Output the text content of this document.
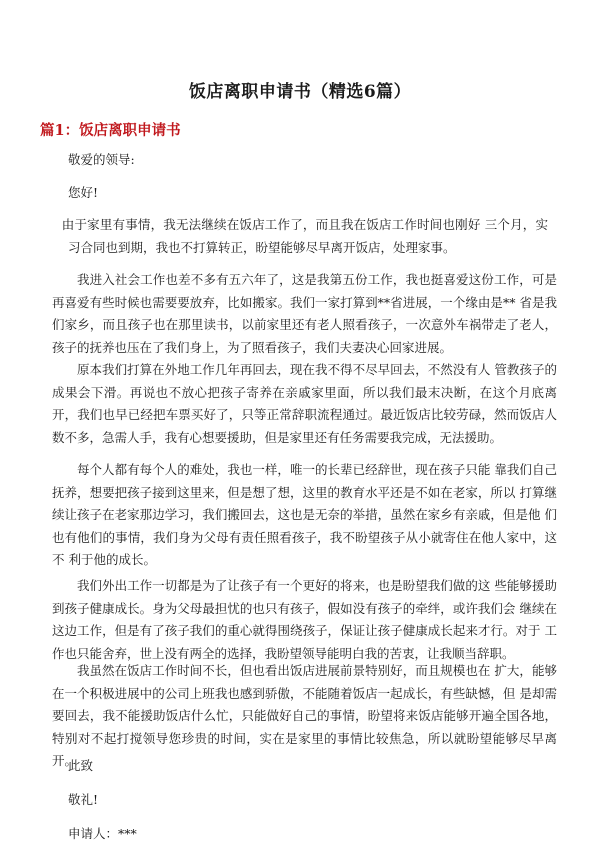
饭店离职申请书（精选6篇）
篇1：饭店离职申请书
敬爱的领导:
您好!
由于家里有事情，我无法继续在饭店工作了，而且我在饭店工作时间也刚好 三个月，实习合同也到期，我也不打算转正，盼望能够尽早离开饭店，处理家事。
我进入社会工作也差不多有五六年了，这是我第五份工作，我也挺喜爱这份工作，可是再喜爱有些时候也需要要放弃，比如搬家。我们一家打算到**省进展，一个缘由是** 省是我们家乡，而且孩子也在那里读书，以前家里还有老人照看孩子，一次意外车祸带走了老人，孩子的抚养也压在了我们身上，为了照看孩子，我们夫妻决心回家进展。
原本我们打算在外地工作几年再回去，现在我不得不尽早回去，不然没有人 管教孩子的成果会下滑。再说也不放心把孩子寄养在亲戚家里面，所以我们最末决断，在这个月底离开，我们也早已经把车票买好了，只等正常辞职流程通过。最近饭店比较劳碌，然而饭店人 数不多，急需人手，我有心想要援助，但是家里还有任务需要我完成，无法援助。
每个人都有每个人的难处，我也一样，唯一的长辈已经辞世，现在孩子只能 靠我们自己抚养，想要把孩子接到这里来，但是想了想，这里的教育水平还是不如在老家，所以 打算继续让孩子在老家那边学习，我们搬回去，这也是无奈的举措，虽然在家乡有亲戚，但是他 们也有他们的事情，我们身为父母有责任照看孩子，我不盼望孩子从小就寄住在他人家中，这不 利于他的成长。
我们外出工作一切都是为了让孩子有一个更好的将来，也是盼望我们做的这 些能够援助到孩子健康成长。身为父母最担忧的也只有孩子，假如没有孩子的牵绊，或许我们会 继续在这边工作，但是有了孩子我们的重心就得围绕孩子，保证让孩子健康成长起来才行。对于 工作也只能舍弃，世上没有两全的选择，我盼望领导能明白我的苦衷，让我顺当辞职。
我虽然在饭店工作时间不长，但也看出饭店进展前景特别好，而且规模也在 扩大，能够在一个积极进展中的公司上班我也感到骄傲，不能随着饭店一起成长，有些缺憾，但 是却需要回去，我不能援助饭店什么忙，只能做好自己的事情，盼望将来饭店能够开遍全国各地， 特别对不起打搅领导您珍贵的时间，实在是家里的事情比较焦急，所以就盼望能够尽早离开。
此致
敬礼!
申请人：***
